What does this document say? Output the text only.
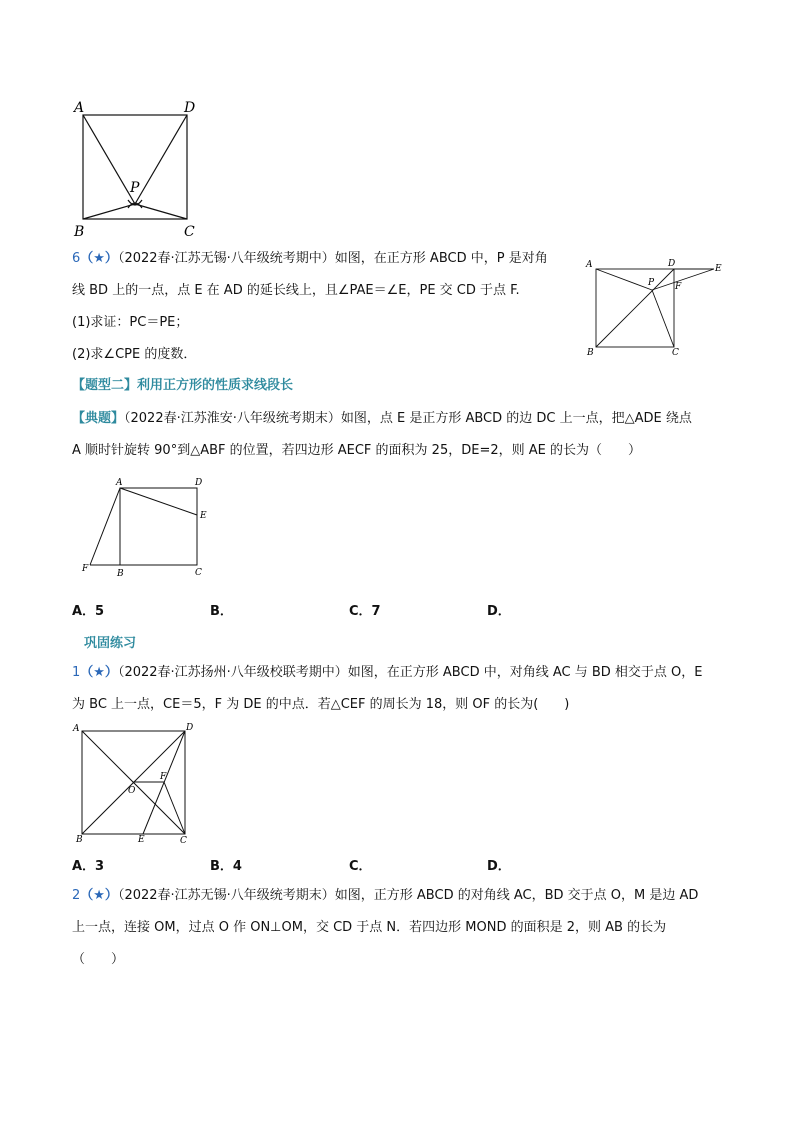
A	D
P
B	C
6（★）（2022春·江苏无锡·八年级统考期中）如图，在正方形 ABCD 中，P 是对角
线 BD 上的一点，点 E 在 AD 的延长线上，且∠PAE＝∠E，PE 交 CD 于点 F.
(1)求证：PC＝PE；
(2)求∠CPE 的度数．
A	D	E
P F
B	C
【题型二】利用正方形的性质求线段长
【典题】（2022春·江苏淮安·八年级统考期末）如图，点 E 是正方形 ABCD 的边 DC 上一点，把△ADE 绕点
A 顺时针旋转 90°到△ABF 的位置，若四边形 AECF 的面积为 25，DE=2，则 AE 的长为（　　）
A	D
E
F	B	C
A．5	B．	C．7	D．
巩固练习
1（★）（2022春·江苏扬州·八年级校联考期中）如图，在正方形 ABCD 中，对角线 AC 与 BD 相交于点 O，E
为 BC 上一点，CE＝5，F 为 DE 的中点．若△CEF 的周长为 18，则 OF 的长为(　　)
A	D
F
O
B	E	C
A．3	B．4	C．	D．
2（★）（2022春·江苏无锡·八年级统考期末）如图，正方形 ABCD 的对角线 AC，BD 交于点 O，M 是边 AD
上一点，连接 OM，过点 O 作 ON⊥OM，交 CD 于点 N．若四边形 MOND 的面积是 2，则 AB 的长为
（　　）
